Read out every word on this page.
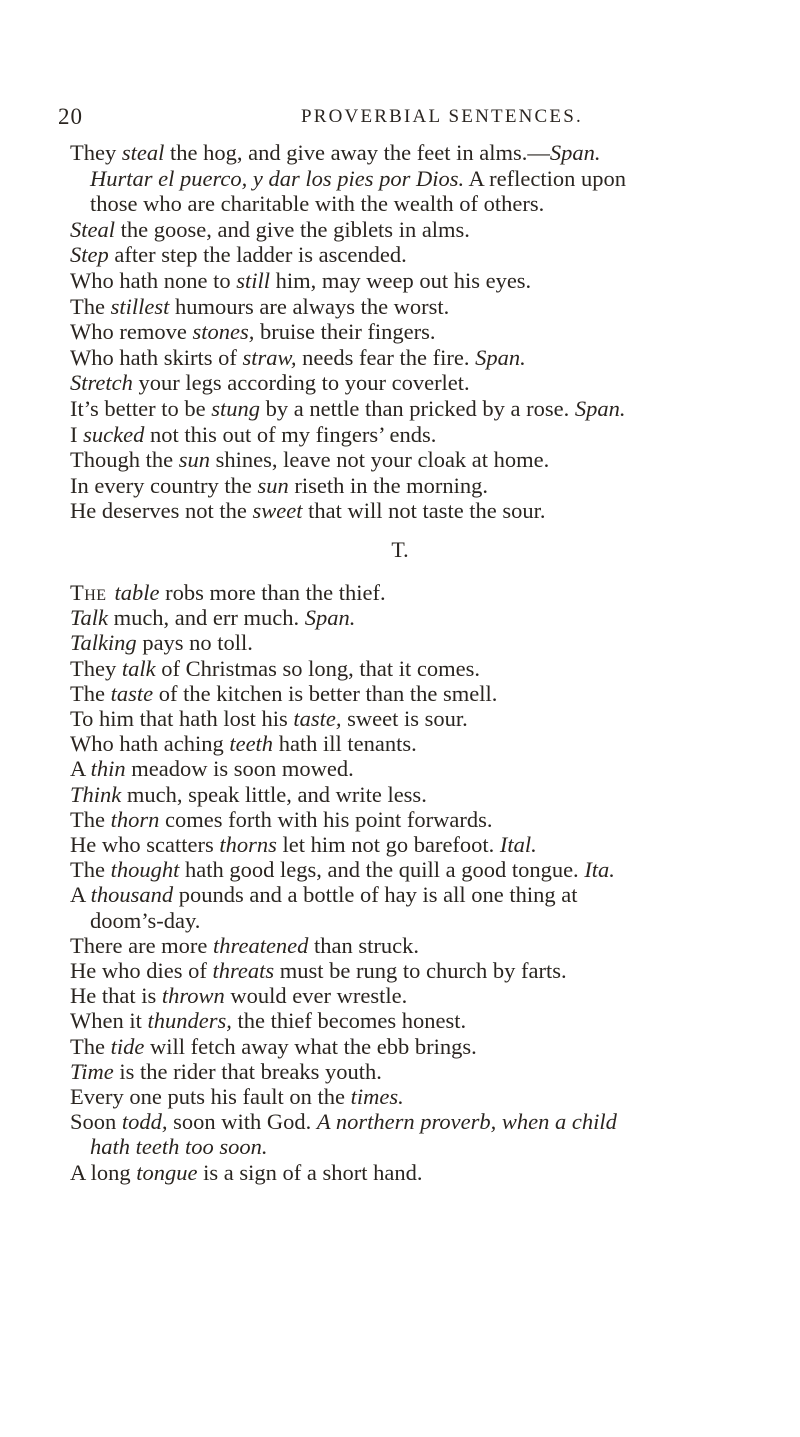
20	PROVERBIAL SENTENCES.
They steal the hog, and give away the feet in alms.—Span.
Hurtar el puerco, y dar los pies por Dios. A reflection upon
those who are charitable with the wealth of others.
Steal the goose, and give the giblets in alms.
Step after step the ladder is ascended.
Who hath none to still him, may weep out his eyes.
The stillest humours are always the worst.
Who remove stones, bruise their fingers.
Who hath skirts of straw, needs fear the fire. Span.
Stretch your legs according to your coverlet.
It’s better to be stung by a nettle than pricked by a rose. Span.
I sucked not this out of my fingers’ ends.
Though the sun shines, leave not your cloak at home.
In every country the sun riseth in the morning.
He deserves not the sweet that will not taste the sour.
T.
The table robs more than the thief.
Talk much, and err much. Span.
Talking pays no toll.
They talk of Christmas so long, that it comes.
The taste of the kitchen is better than the smell.
To him that hath lost his taste, sweet is sour.
Who hath aching teeth hath ill tenants.
A thin meadow is soon mowed.
Think much, speak little, and write less.
The thorn comes forth with his point forwards.
He who scatters thorns let him not go barefoot. Ital.
The thought hath good legs, and the quill a good tongue. Ita.
A thousand pounds and a bottle of hay is all one thing at
doom’s-day.
There are more threatened than struck.
He who dies of threats must be rung to church by farts.
He that is thrown would ever wrestle.
When it thunders, the thief becomes honest.
The tide will fetch away what the ebb brings.
Time is the rider that breaks youth.
Every one puts his fault on the times.
Soon todd, soon with God. A northern proverb, when a child
hath teeth too soon.
A long tongue is a sign of a short hand.
